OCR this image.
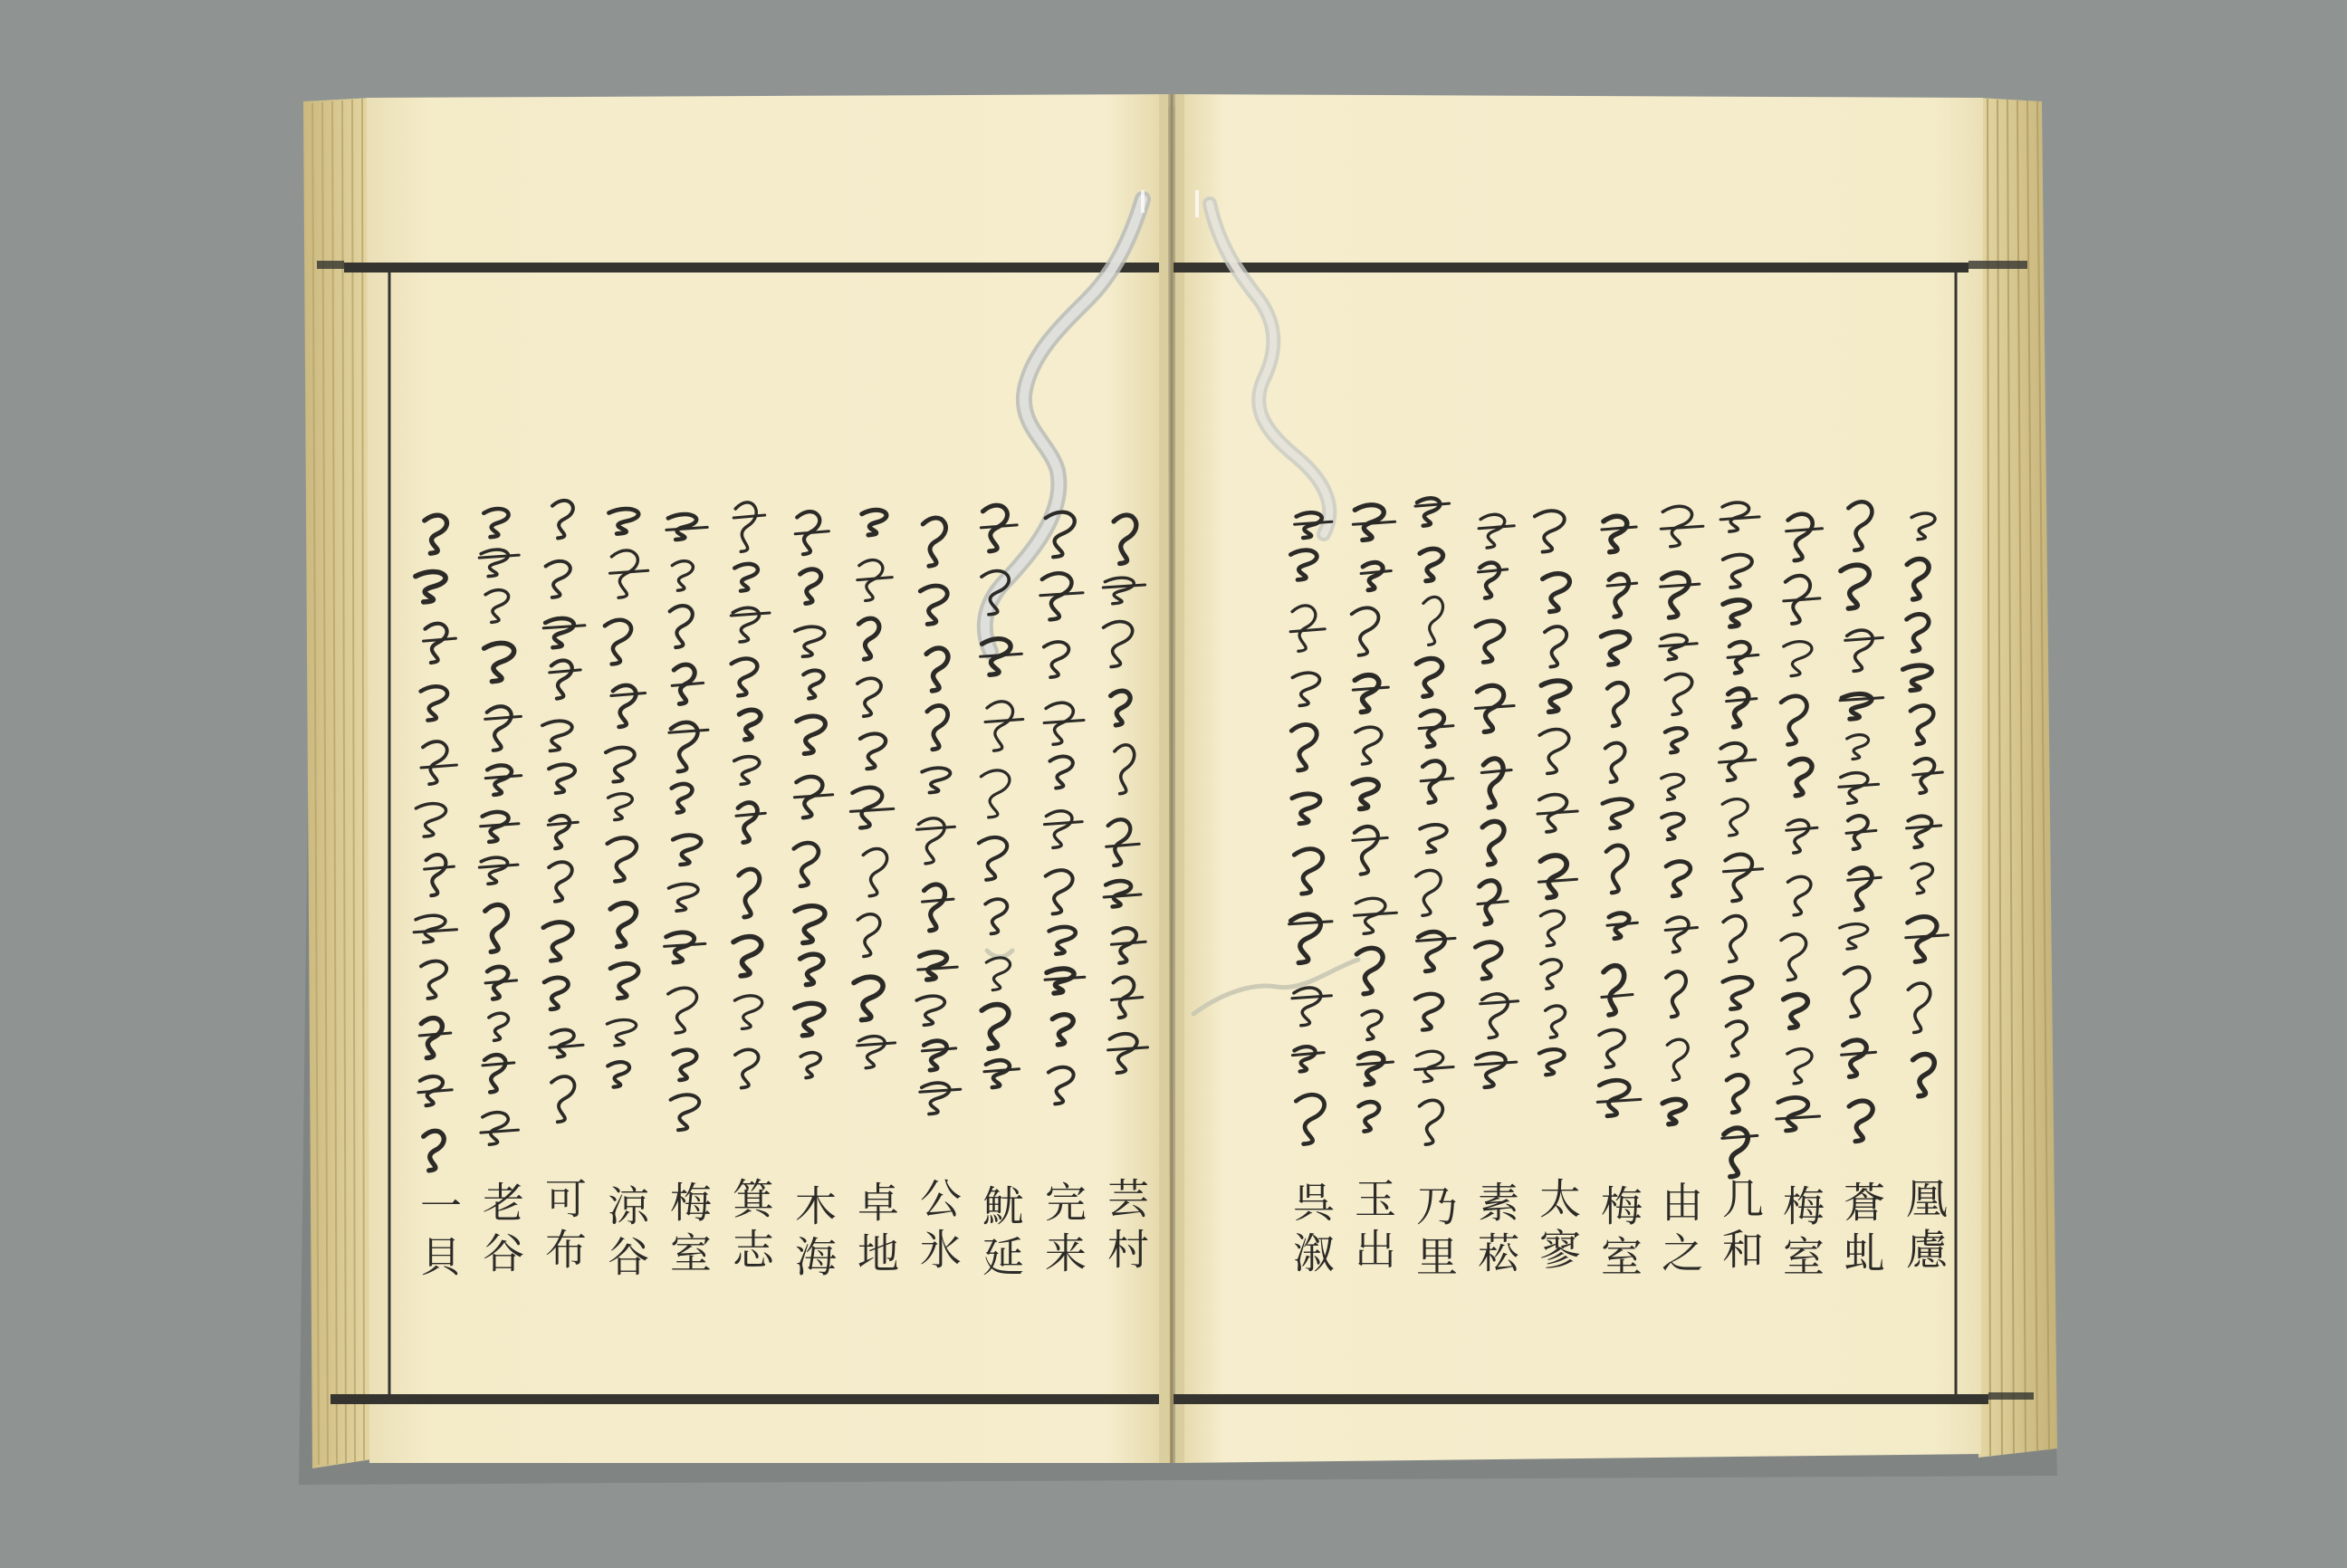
凰慮
蒼虬
梅室
几和
由之
梅室
太寥
素菘
乃里
玉出
呉溆
芸村
完来
魷延
公氷
卓地
木海
箕志
梅室
涼谷
可布
老谷
一貝
